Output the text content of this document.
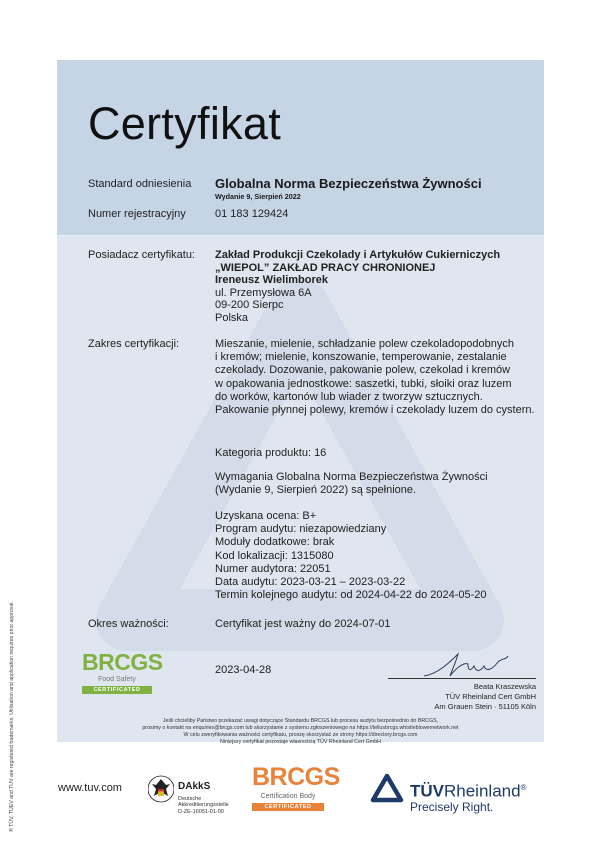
Certyfikat
Standard odniesienia Globalna Norma Bezpieczeństwa Żywności
Wydanie 9, Sierpień 2022
Numer rejestracyjny	01 183 129424
Posiadacz certyfikatu: Zakład Produkcji Czekolady i Artykułów Cukierniczych
„WIEPOL” ZAKŁAD PRACY CHRONIONEJ
Ireneusz Wielimborek
ul. Przemysłowa 6A
09-200 Sierpc
Polska
Zakres certyfikacji:	Mieszanie, mielenie, schładzanie polew czekoladopodobnych
i kremów; mielenie, konszowanie, temperowanie, zestalanie
czekolady. Dozowanie, pakowanie polew, czekolad i kremów
w opakowania jednostkowe: saszetki, tubki, słoiki oraz luzem
do worków, kartonów lub wiader z tworzyw sztucznych.
Pakowanie płynnej polewy, kremów i czekolady luzem do cystern.
Kategoria produktu: 16
Wymagania Globalna Norma Bezpieczeństwa Żywności
(Wydanie 9, Sierpień 2022) są spełnione.
Uzyskana ocena: B+
Program audytu: niezapowiedziany
Moduły dodatkowe: brak
Kod lokalizacji: 1315080
Numer audytora: 22051
Data audytu: 2023-03-21 – 2023-03-22
Termin kolejnego audytu: od 2024-04-22 do 2024-05-20
Okres ważności:	Certyfikat jest ważny do 2024-07-01
BRCGS
Food Safety
CERTIFICATED
2023-04-28
Beata Kraszewska
TÜV Rheinland Cert GmbH
Am Grauen Stein · 51105 Köln
Jeśli chcieliby Państwo przekazać uwagi dotyczące Standardu BRCGS lub procesu audytu bezpośrednio do BRCGS,
prosimy o kontakt na enquiries@brcgs.com lub skorzystanie z systemu zgłoszeniowego na https://tellusbrcgs.whistleblowernetwork.net
W celu zweryfikowania ważności certyfikatu, proszę skorzystać ze strony https://directory.brcgs.com
Niniejszy certyfikat pozostaje własnością TÜV Rheinland Cert GmbH
® TÜV, TUEV and TUV are registered trademarks. Utilisation and application requires prior approval.	www.tuv.com	DAkkS
Deutsche
Akkreditierungsstelle
D-ZE-16051-01-00
BRCGS
Certification Body
CERTIFICATED
TÜVRheinland®
Precisely Right.
